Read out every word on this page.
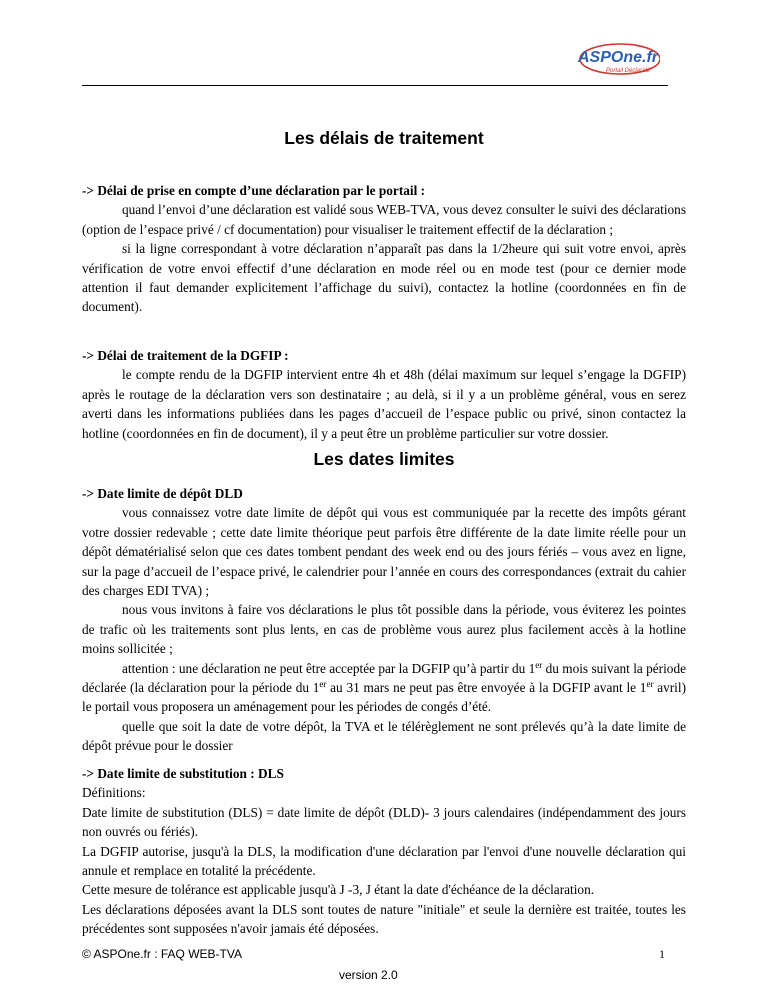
ASPOne.fr
Portail Déclaratif
Les délais de traitement

-> Délai de prise en compte d’une déclaration par le portail :

quand l’envoi d’une déclaration est validé sous WEB-TVA, vous devez consulter le suivi des déclarations (option de l’espace privé / cf documentation) pour visualiser le traitement effectif de la déclaration ;

si la ligne correspondant à votre déclaration n’apparaît pas dans la 1/2heure qui suit votre envoi, après vérification de votre envoi effectif d’une déclaration en mode réel ou en mode test (pour ce dernier mode attention il faut demander explicitement l’affichage du suivi), contactez la hotline (coordonnées en fin de document).

-> Délai de traitement de la DGFIP :

le compte rendu de la DGFIP intervient entre 4h et 48h (délai maximum sur lequel s’engage la DGFIP) après le routage de la déclaration vers son destinataire ; au delà, si il y a un problème général, vous en serez averti dans les informations publiées dans les pages d’accueil de l’espace public ou privé, sinon contactez la hotline (coordonnées en fin de document), il y a peut être un problème particulier sur votre dossier.

Les dates limites

-> Date limite de dépôt DLD

vous connaissez votre date limite de dépôt qui vous est communiquée par la recette des impôts gérant votre dossier redevable ; cette date limite théorique peut parfois être différente de la date limite réelle pour un dépôt dématérialisé selon que ces dates tombent pendant des week end ou des jours fériés – vous avez en ligne, sur la page d’accueil de l’espace privé, le calendrier pour l’année en cours des correspondances (extrait du cahier des charges EDI TVA) ;

nous vous invitons à faire vos déclarations le plus tôt possible dans la période, vous éviterez les pointes de trafic où les traitements sont plus lents, en cas de problème vous aurez plus facilement accès à la hotline moins sollicitée ;

attention : une déclaration ne peut être acceptée par la DGFIP qu’à partir du 1er du mois suivant la période déclarée (la déclaration pour la période du 1er au 31 mars ne peut pas être envoyée à la DGFIP avant le 1er avril) le portail vous proposera un aménagement pour les périodes de congés d’été.

quelle que soit la date de votre dépôt, la TVA et le télérèglement ne sont prélevés qu’à la date limite de dépôt prévue pour le dossier

-> Date limite de substitution : DLS

Définitions:

Date limite de substitution (DLS) = date limite de dépôt (DLD)- 3 jours calendaires (indépendamment des jours non ouvrés ou fériés).

La DGFIP autorise, jusqu'à la DLS, la modification d'une déclaration par l'envoi d'une nouvelle déclaration qui annule et remplace en totalité la précédente.

Cette mesure de tolérance est applicable jusqu'à J -3, J étant la date d'échéance de la déclaration.

Les déclarations déposées avant la DLS sont toutes de nature "initiale" et seule la dernière est traitée, toutes les précédentes sont supposées n'avoir jamais été déposées.

© ASPOne.fr : FAQ WEB-TVA	1
version 2.0
